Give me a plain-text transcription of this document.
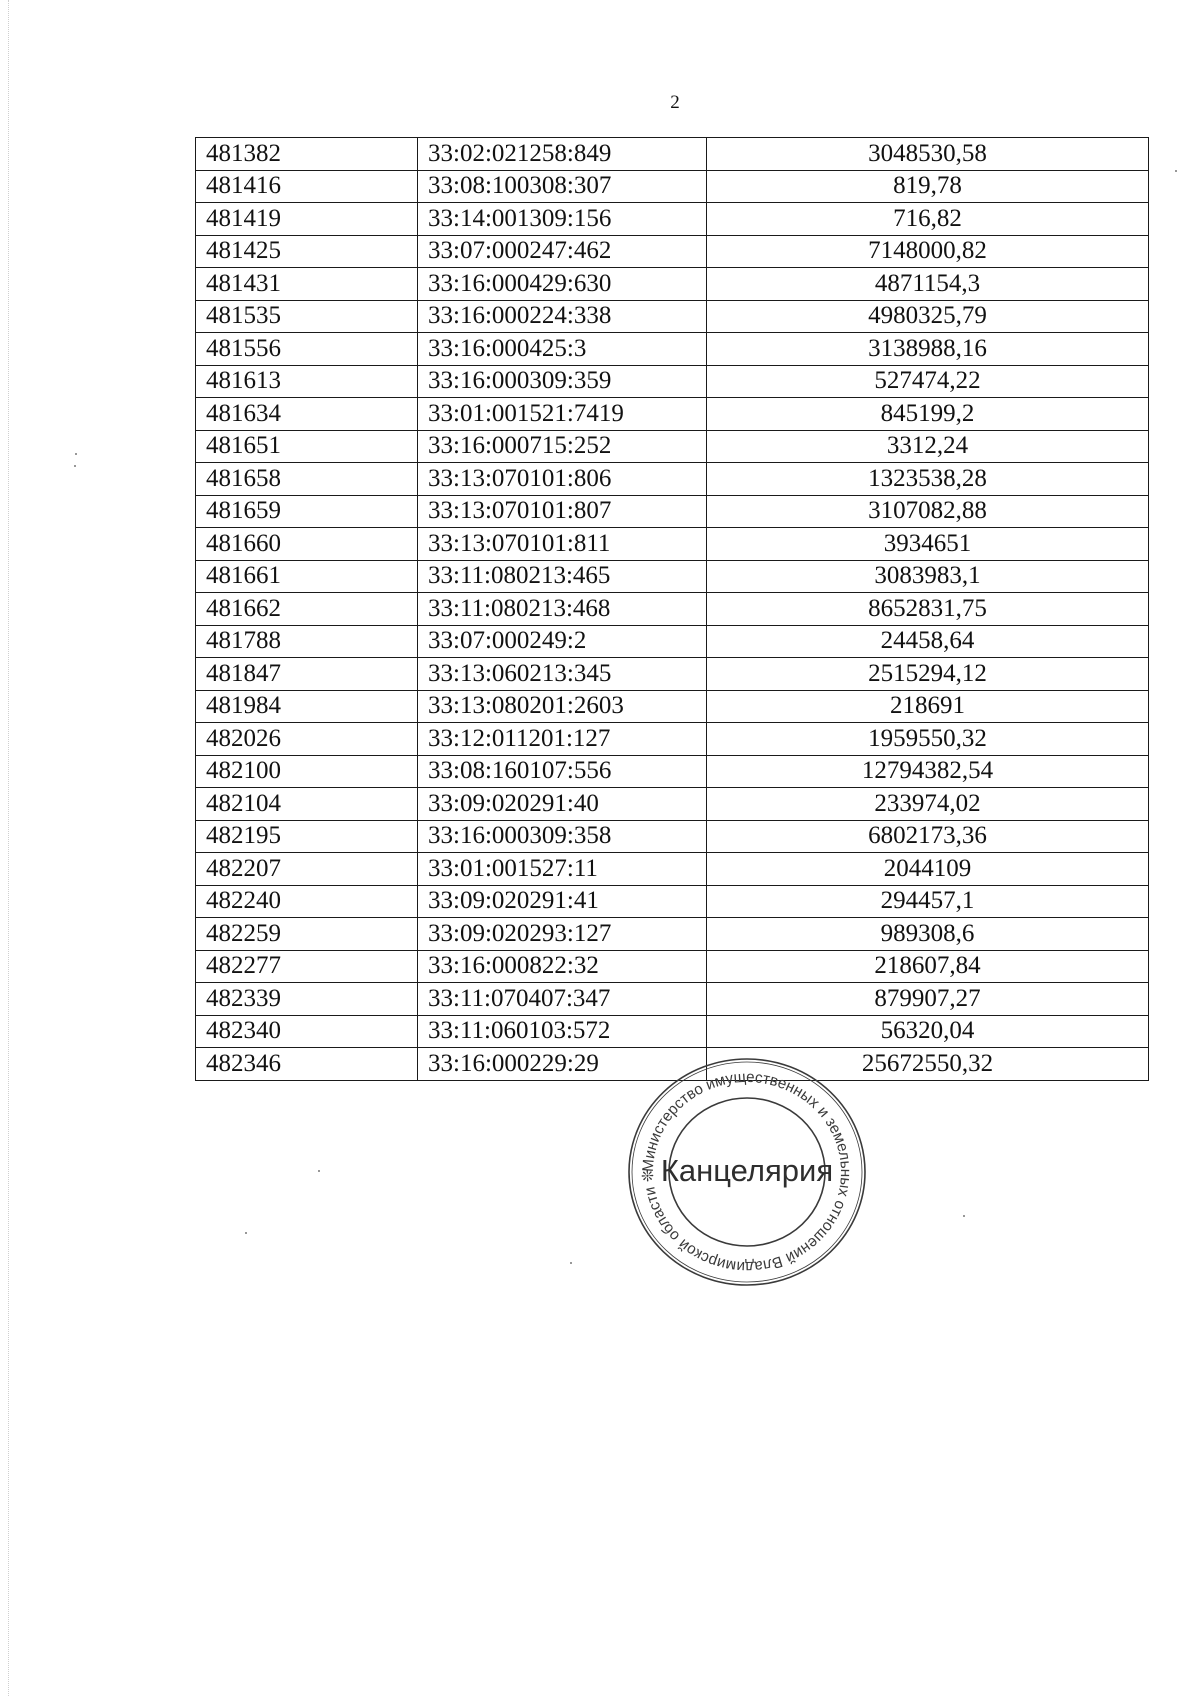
2
481382	33:02:021258:849	3048530,58
481416	33:08:100308:307	819,78
481419	33:14:001309:156	716,82
481425	33:07:000247:462	7148000,82
481431	33:16:000429:630	4871154,3
481535	33:16:000224:338	4980325,79
481556	33:16:000425:3	3138988,16
481613	33:16:000309:359	527474,22
481634	33:01:001521:7419	845199,2
481651	33:16:000715:252	3312,24
481658	33:13:070101:806	1323538,28
481659	33:13:070101:807	3107082,88
481660	33:13:070101:811	3934651
481661	33:11:080213:465	3083983,1
481662	33:11:080213:468	8652831,75
481788	33:07:000249:2	24458,64
481847	33:13:060213:345	2515294,12
481984	33:13:080201:2603	218691
482026	33:12:011201:127	1959550,32
482100	33:08:160107:556	12794382,54
482104	33:09:020291:40	233974,02
482195	33:16:000309:358	6802173,36
482207	33:01:001527:11	2044109
482240	33:09:020291:41	294457,1
482259	33:09:020293:127	989308,6
482277	33:16:000822:32	218607,84
482339	33:11:070407:347	879907,27
482340	33:11:060103:572	56320,04
482346	33:16:000229:29	25672550,32
Министерство имущественных и земельных отношений Владимирской области ❊ Канцелярия
